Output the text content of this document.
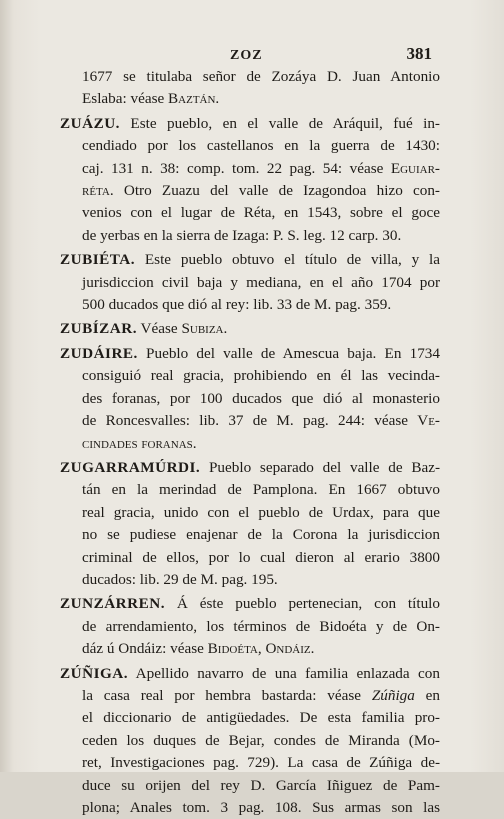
ZOZ	381

1677 se titulaba señor de Zozáya D. Juan Antonio
Eslaba: véase Baztán.

ZUÁZU. Este pueblo, en el valle de Aráquil, fué in-
cendiado por los castellanos en la guerra de 1430:
caj. 131 n. 38: comp. tom. 22 pag. 54: véase Eguiar-
réta. Otro Zuazu del valle de Izagondoa hizo con-
venios con el lugar de Réta, en 1543, sobre el goce
de yerbas en la sierra de Izaga: P. S. leg. 12 carp. 30.

ZUBIÉTA. Este pueblo obtuvo el título de villa, y la
jurisdiccion civil baja y mediana, en el año 1704 por
500 ducados que dió al rey: lib. 33 de M. pag. 359.

ZUBÍZAR. Véase Subiza.

ZUDÁIRE. Pueblo del valle de Amescua baja. En 1734
consiguió real gracia, prohibiendo en él las vecinda-
des foranas, por 100 ducados que dió al monasterio
de Roncesvalles: lib. 37 de M. pag. 244: véase Ve-
cindades foranas.

ZUGARRAMÚRDI. Pueblo separado del valle de Baz-
tán en la merindad de Pamplona. En 1667 obtuvo
real gracia, unido con el pueblo de Urdax, para que
no se pudiese enajenar de la Corona la jurisdiccion
criminal de ellos, por lo cual dieron al erario 3800
ducados: lib. 29 de M. pag. 195.

ZUNZÁRREN. Á éste pueblo pertenecian, con título
de arrendamiento, los términos de Bidoéta y de On-
dáz ú Ondáiz: véase Bidoéta, Ondáiz.

ZÚÑIGA. Apellido navarro de una familia enlazada con
la casa real por hembra bastarda: véase Zúñiga en
el diccionario de antigüedades. De esta familia pro-
ceden los duques de Bejar, condes de Miranda (Mo-
ret, Investigaciones pag. 729). La casa de Zúñiga de-
duce su orijen del rey D. García Iñiguez de Pam-
plona; Anales tom. 3 pag. 108. Sus armas son las
